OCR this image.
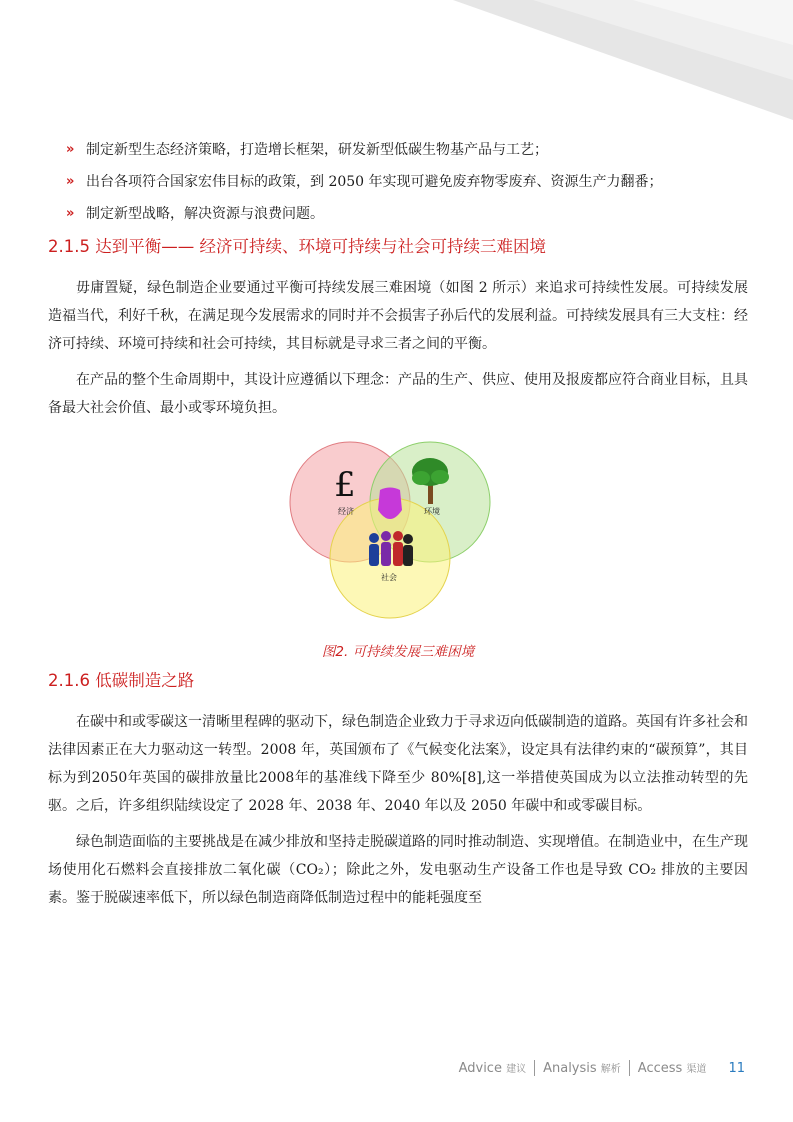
» 制定新型生态经济策略，打造增长框架，研发新型低碳生物基产品与工艺；
» 出台各项符合国家宏伟目标的政策，到 2050 年实现可避免废弃物零废弃、资源生产力翻番；
» 制定新型战略，解决资源与浪费问题。
2.1.5 达到平衡—— 经济可持续、环境可持续与社会可持续三难困境

毋庸置疑，绿色制造企业要通过平衡可持续发展三难困境（如图 2 所示）来追求可持续性发展。可持续发展造福当代，利好千秋，在满足现今发展需求的同时并不会损害子孙后代的发展利益。可持续发展具有三大支柱：经济可持续、环境可持续和社会可持续，其目标就是寻求三者之间的平衡。

在产品的整个生命周期中，其设计应遵循以下理念：产品的生产、供应、使用及报废都应符合商业目标，且具备最大社会价值、最小或零环境负担。

£
经济	环境
社会
图2. 可持续发展三难困境
2.1.6 低碳制造之路

在碳中和或零碳这一清晰里程碑的驱动下，绿色制造企业致力于寻求迈向低碳制造的道路。英国有许多社会和法律因素正在大力驱动这一转型。2008 年，英国颁布了《气候变化法案》，设定具有法律约束的“碳预算”，其目标为到2050年英国的碳排放量比2008年的基准线下降至少 80%[8],这一举措使英国成为以立法推动转型的先驱。之后，许多组织陆续设定了 2028 年、2038 年、2040 年以及 2050 年碳中和或零碳目标。

绿色制造面临的主要挑战是在减少排放和坚持走脱碳道路的同时推动制造、实现增值。在制造业中，在生产现场使用化石燃料会直接排放二氧化碳（CO₂）；除此之外，发电驱动生产设备工作也是导致 CO₂ 排放的主要因素。鉴于脱碳速率低下，所以绿色制造商降低制造过程中的能耗强度至

Advice 建议 Analysis 解析 Access 渠道 11
